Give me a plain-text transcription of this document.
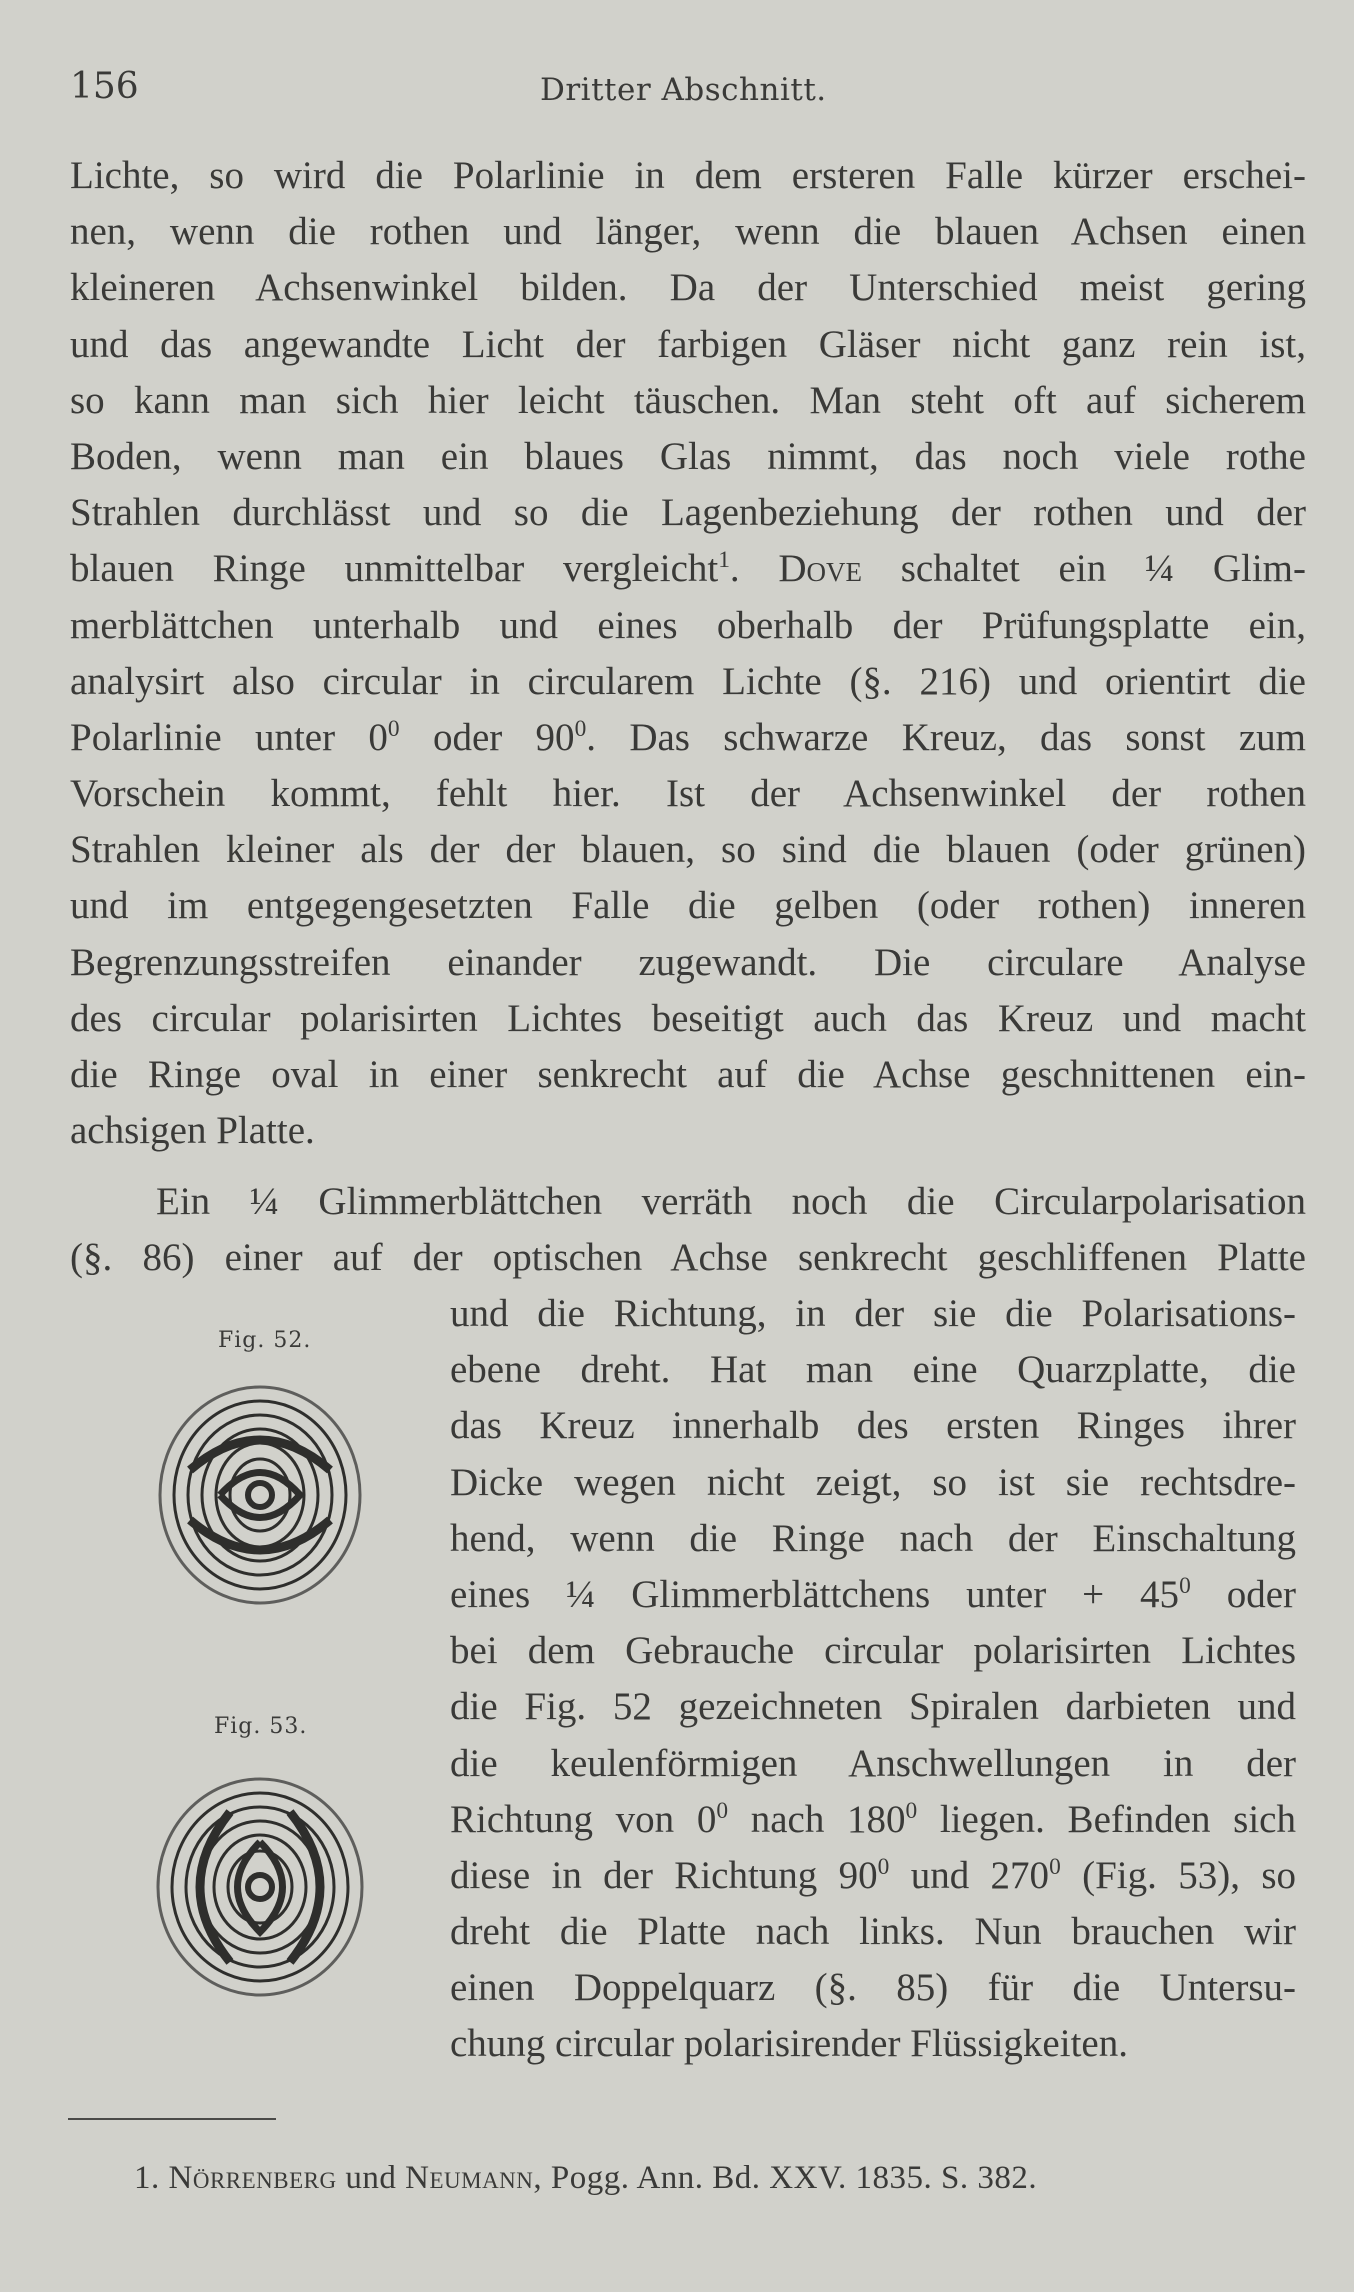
156	Dritter Abschnitt.
Lichte, so wird die Polarlinie in dem ersteren Falle kürzer erschei-
nen, wenn die rothen und länger, wenn die blauen Achsen einen
kleineren Achsenwinkel bilden. Da der Unterschied meist gering
und das angewandte Licht der farbigen Gläser nicht ganz rein ist,
so kann man sich hier leicht täuschen. Man steht oft auf sicherem
Boden, wenn man ein blaues Glas nimmt, das noch viele rothe
Strahlen durchlässt und so die Lagenbeziehung der rothen und der
blauen Ringe unmittelbar vergleicht$^1$. Dove schaltet ein ¼ Glim-
merblättchen unterhalb und eines oberhalb der Prüfungsplatte ein,
analysirt also circular in circularem Lichte (§. 216) und orientirt die
Polarlinie unter $0^0$ oder $90^0$. Das schwarze Kreuz, das sonst zum
Vorschein kommt, fehlt hier. Ist der Achsenwinkel der rothen
Strahlen kleiner als der der blauen, so sind die blauen (oder grünen)
und im entgegengesetzten Falle die gelben (oder rothen) inneren
Begrenzungsstreifen einander zugewandt. Die circulare Analyse
des circular polarisirten Lichtes beseitigt auch das Kreuz und macht
die Ringe oval in einer senkrecht auf die Achse geschnittenen ein-
achsigen Platte.
Ein ¼ Glimmerblättchen verräth noch die Circularpolarisation
(§. 86) einer auf der optischen Achse senkrecht geschliffenen Platte
und die Richtung, in der sie die Polarisations-
ebene dreht. Hat man eine Quarzplatte, die
das Kreuz innerhalb des ersten Ringes ihrer
Dicke wegen nicht zeigt, so ist sie rechtsdre-
hend, wenn die Ringe nach der Einschaltung
eines ¼ Glimmerblättchens unter + $45^0$ oder
bei dem Gebrauche circular polarisirten Lichtes
die Fig. 52 gezeichneten Spiralen darbieten und
die keulenförmigen Anschwellungen in der
Richtung von $0^0$ nach $180^0$ liegen. Befinden sich
diese in der Richtung $90^0$ und $270^0$ (Fig. 53), so
dreht die Platte nach links. Nun brauchen wir
einen Doppelquarz (§. 85) für die Untersu-
chung circular polarisirender Flüssigkeiten.
Fig. 52.
Fig. 53.
1. Nörrenberg und Neumann, Pogg. Ann. Bd. XXV. 1835. S. 382.
